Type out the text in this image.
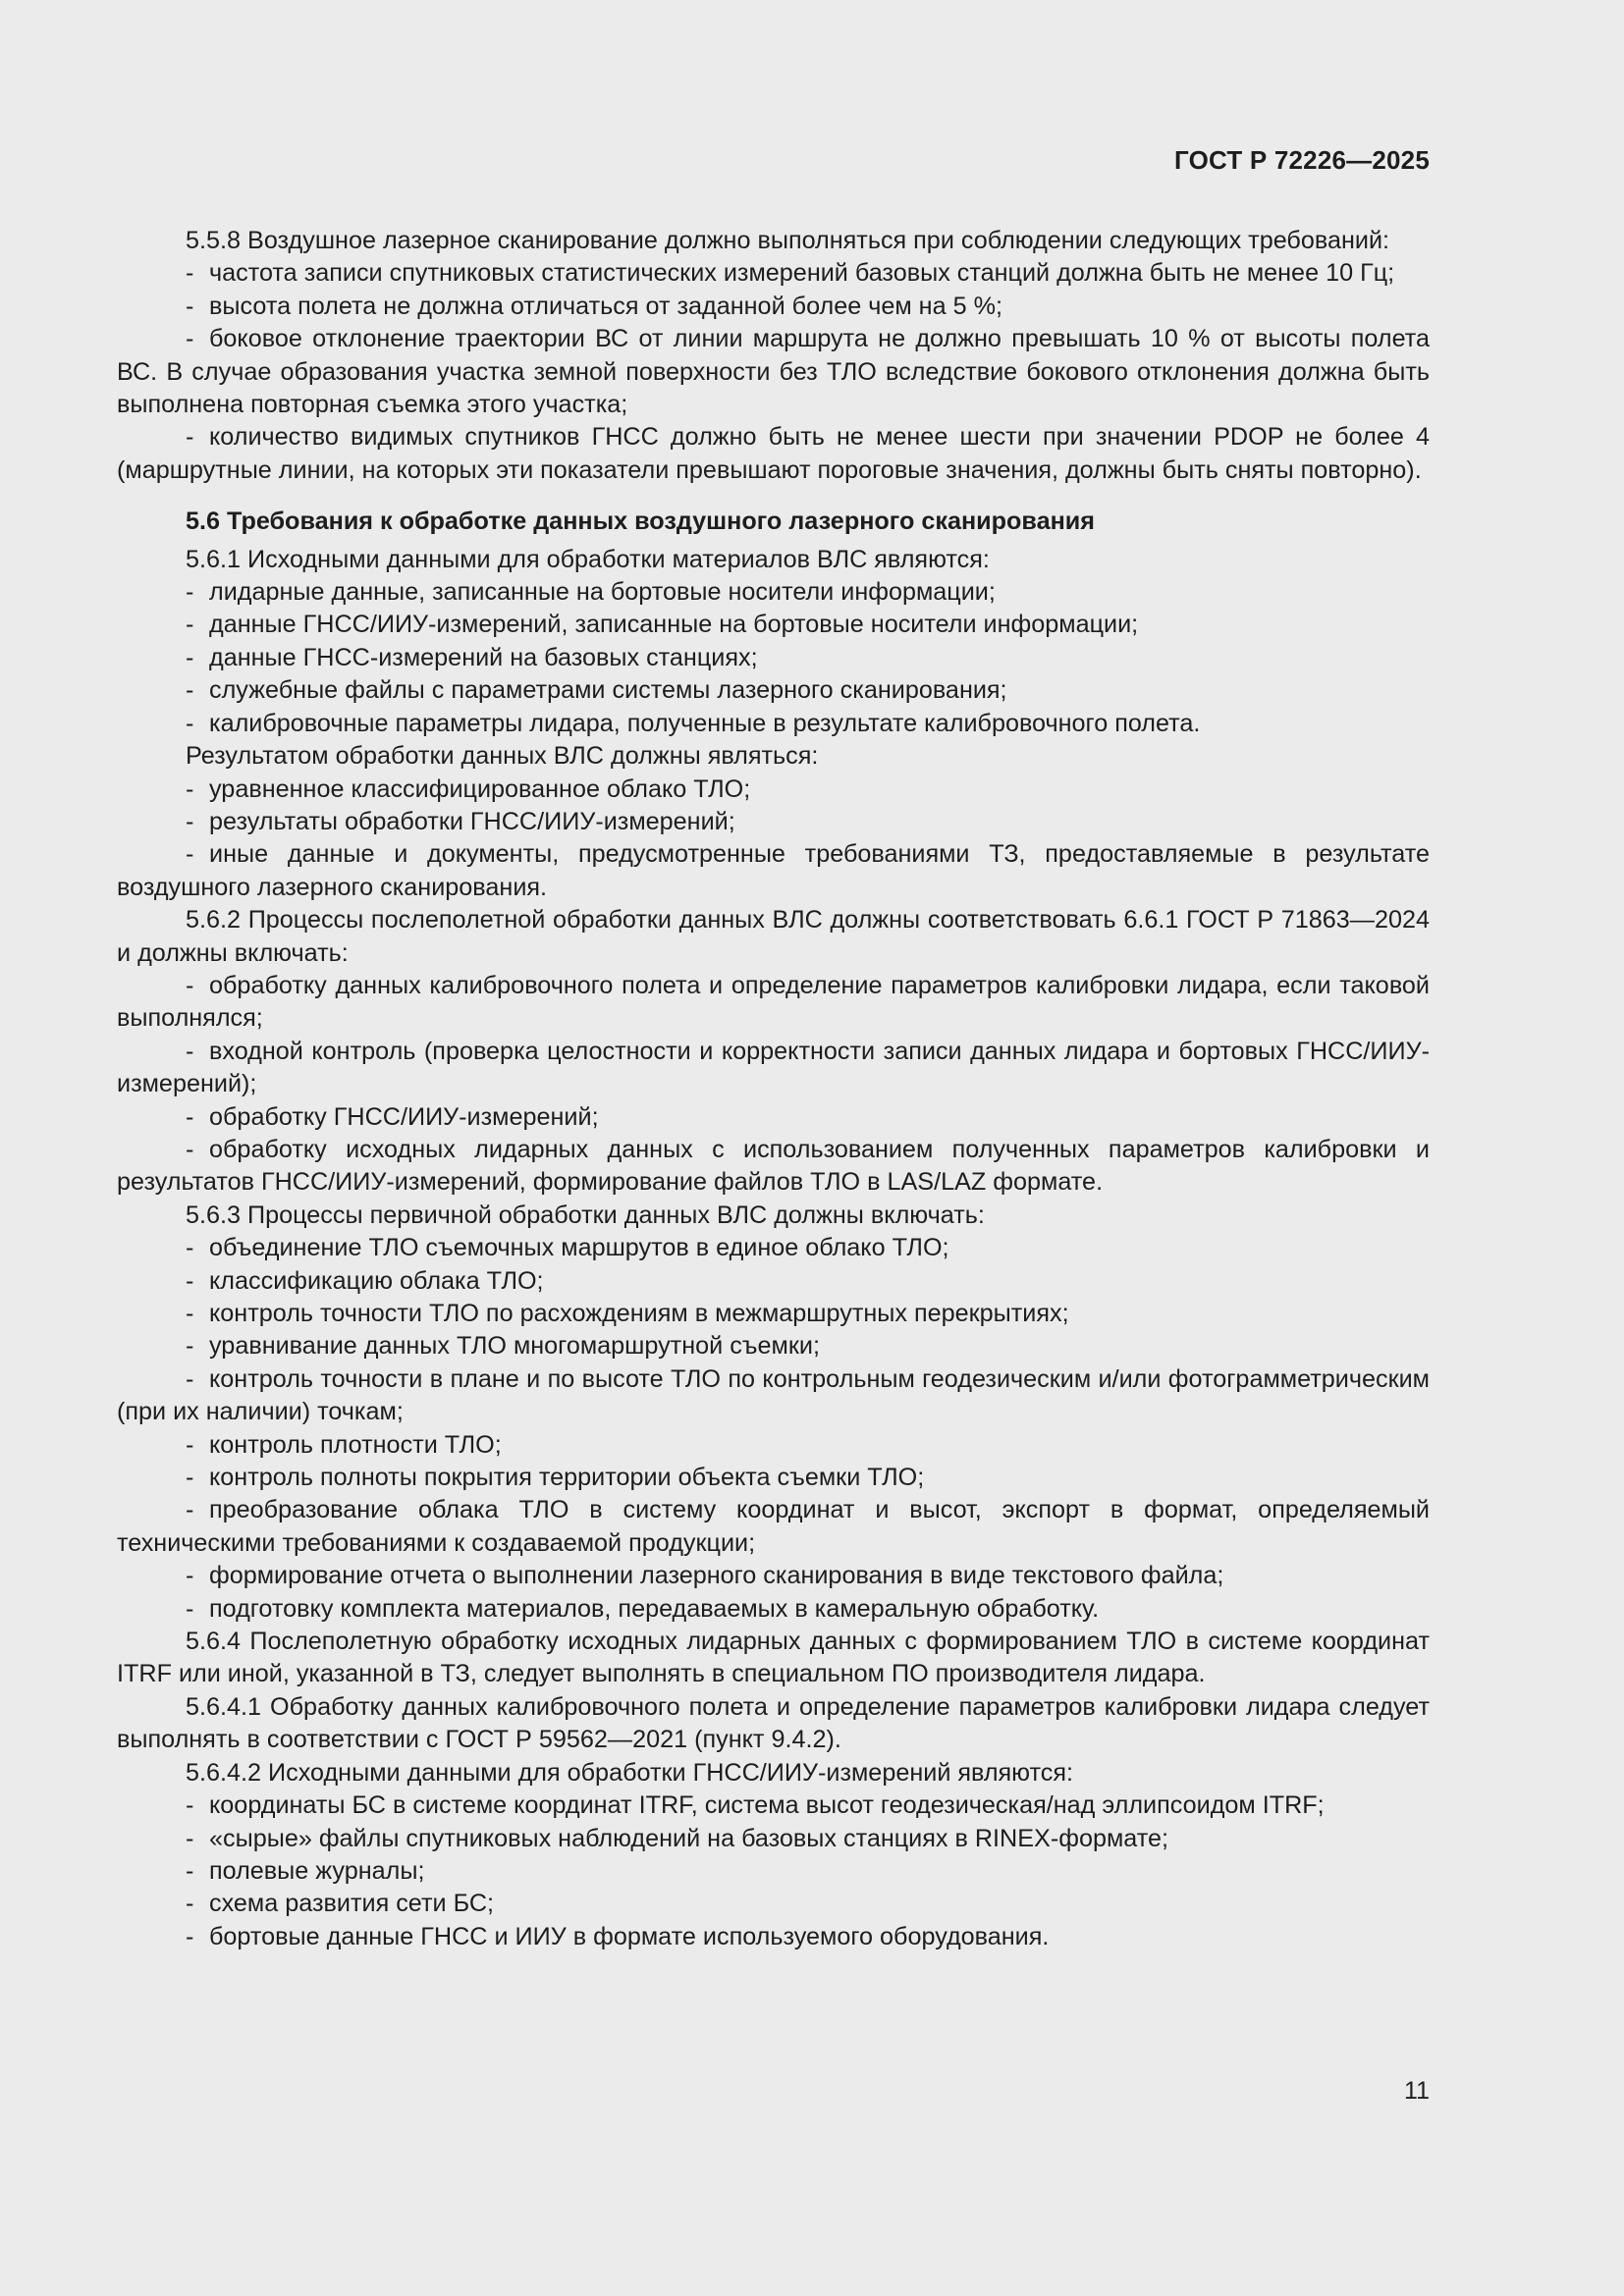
ГОСТ Р 72226—2025

5.5.8 Воздушное лазерное сканирование должно выполняться при соблюдении следующих требований:

- частота записи спутниковых статистических измерений базовых станций должна быть не менее 10 Гц;

- высота полета не должна отличаться от заданной более чем на 5 %;

- боковое отклонение траектории ВС от линии маршрута не должно превышать 10 % от высоты полета ВС. В случае образования участка земной поверхности без ТЛО вследствие бокового отклонения должна быть выполнена повторная съемка этого участка;

- количество видимых спутников ГНСС должно быть не менее шести при значении PDOP не более 4 (маршрутные линии, на которых эти показатели превышают пороговые значения, должны быть сняты повторно).

5.6 Требования к обработке данных воздушного лазерного сканирования

5.6.1 Исходными данными для обработки материалов ВЛС являются:

- лидарные данные, записанные на бортовые носители информации;

- данные ГНСС/ИИУ-измерений, записанные на бортовые носители информации;

- данные ГНСС-измерений на базовых станциях;

- служебные файлы с параметрами системы лазерного сканирования;

- калибровочные параметры лидара, полученные в результате калибровочного полета.

Результатом обработки данных ВЛС должны являться:

- уравненное классифицированное облако ТЛО;

- результаты обработки ГНСС/ИИУ-измерений;

- иные данные и документы, предусмотренные требованиями ТЗ, предоставляемые в результате воздушного лазерного сканирования.

5.6.2 Процессы послеполетной обработки данных ВЛС должны соответствовать 6.6.1 ГОСТ Р 71863—2024 и должны включать:

- обработку данных калибровочного полета и определение параметров калибровки лидара, если таковой выполнялся;

- входной контроль (проверка целостности и корректности записи данных лидара и бортовых ГНСС/ИИУ-измерений);

- обработку ГНСС/ИИУ-измерений;

- обработку исходных лидарных данных с использованием полученных параметров калибровки и результатов ГНСС/ИИУ-измерений, формирование файлов ТЛО в LAS/LAZ формате.

5.6.3 Процессы первичной обработки данных ВЛС должны включать:

- объединение ТЛО съемочных маршрутов в единое облако ТЛО;

- классификацию облака ТЛО;

- контроль точности ТЛО по расхождениям в межмаршрутных перекрытиях;

- уравнивание данных ТЛО многомаршрутной съемки;

- контроль точности в плане и по высоте ТЛО по контрольным геодезическим и/или фотограмметрическим (при их наличии) точкам;

- контроль плотности ТЛО;

- контроль полноты покрытия территории объекта съемки ТЛО;

- преобразование облака ТЛО в систему координат и высот, экспорт в формат, определяемый техническими требованиями к создаваемой продукции;

- формирование отчета о выполнении лазерного сканирования в виде текстового файла;

- подготовку комплекта материалов, передаваемых в камеральную обработку.

5.6.4 Послеполетную обработку исходных лидарных данных с формированием ТЛО в системе координат ITRF или иной, указанной в ТЗ, следует выполнять в специальном ПО производителя лидара.

5.6.4.1 Обработку данных калибровочного полета и определение параметров калибровки лидара следует выполнять в соответствии с ГОСТ Р 59562—2021 (пункт 9.4.2).

5.6.4.2 Исходными данными для обработки ГНСС/ИИУ-измерений являются:

- координаты БС в системе координат ITRF, система высот геодезическая/над эллипсоидом ITRF;

- «сырые» файлы спутниковых наблюдений на базовых станциях в RINEX-формате;

- полевые журналы;

- схема развития сети БС;

- бортовые данные ГНСС и ИИУ в формате используемого оборудования.

11
